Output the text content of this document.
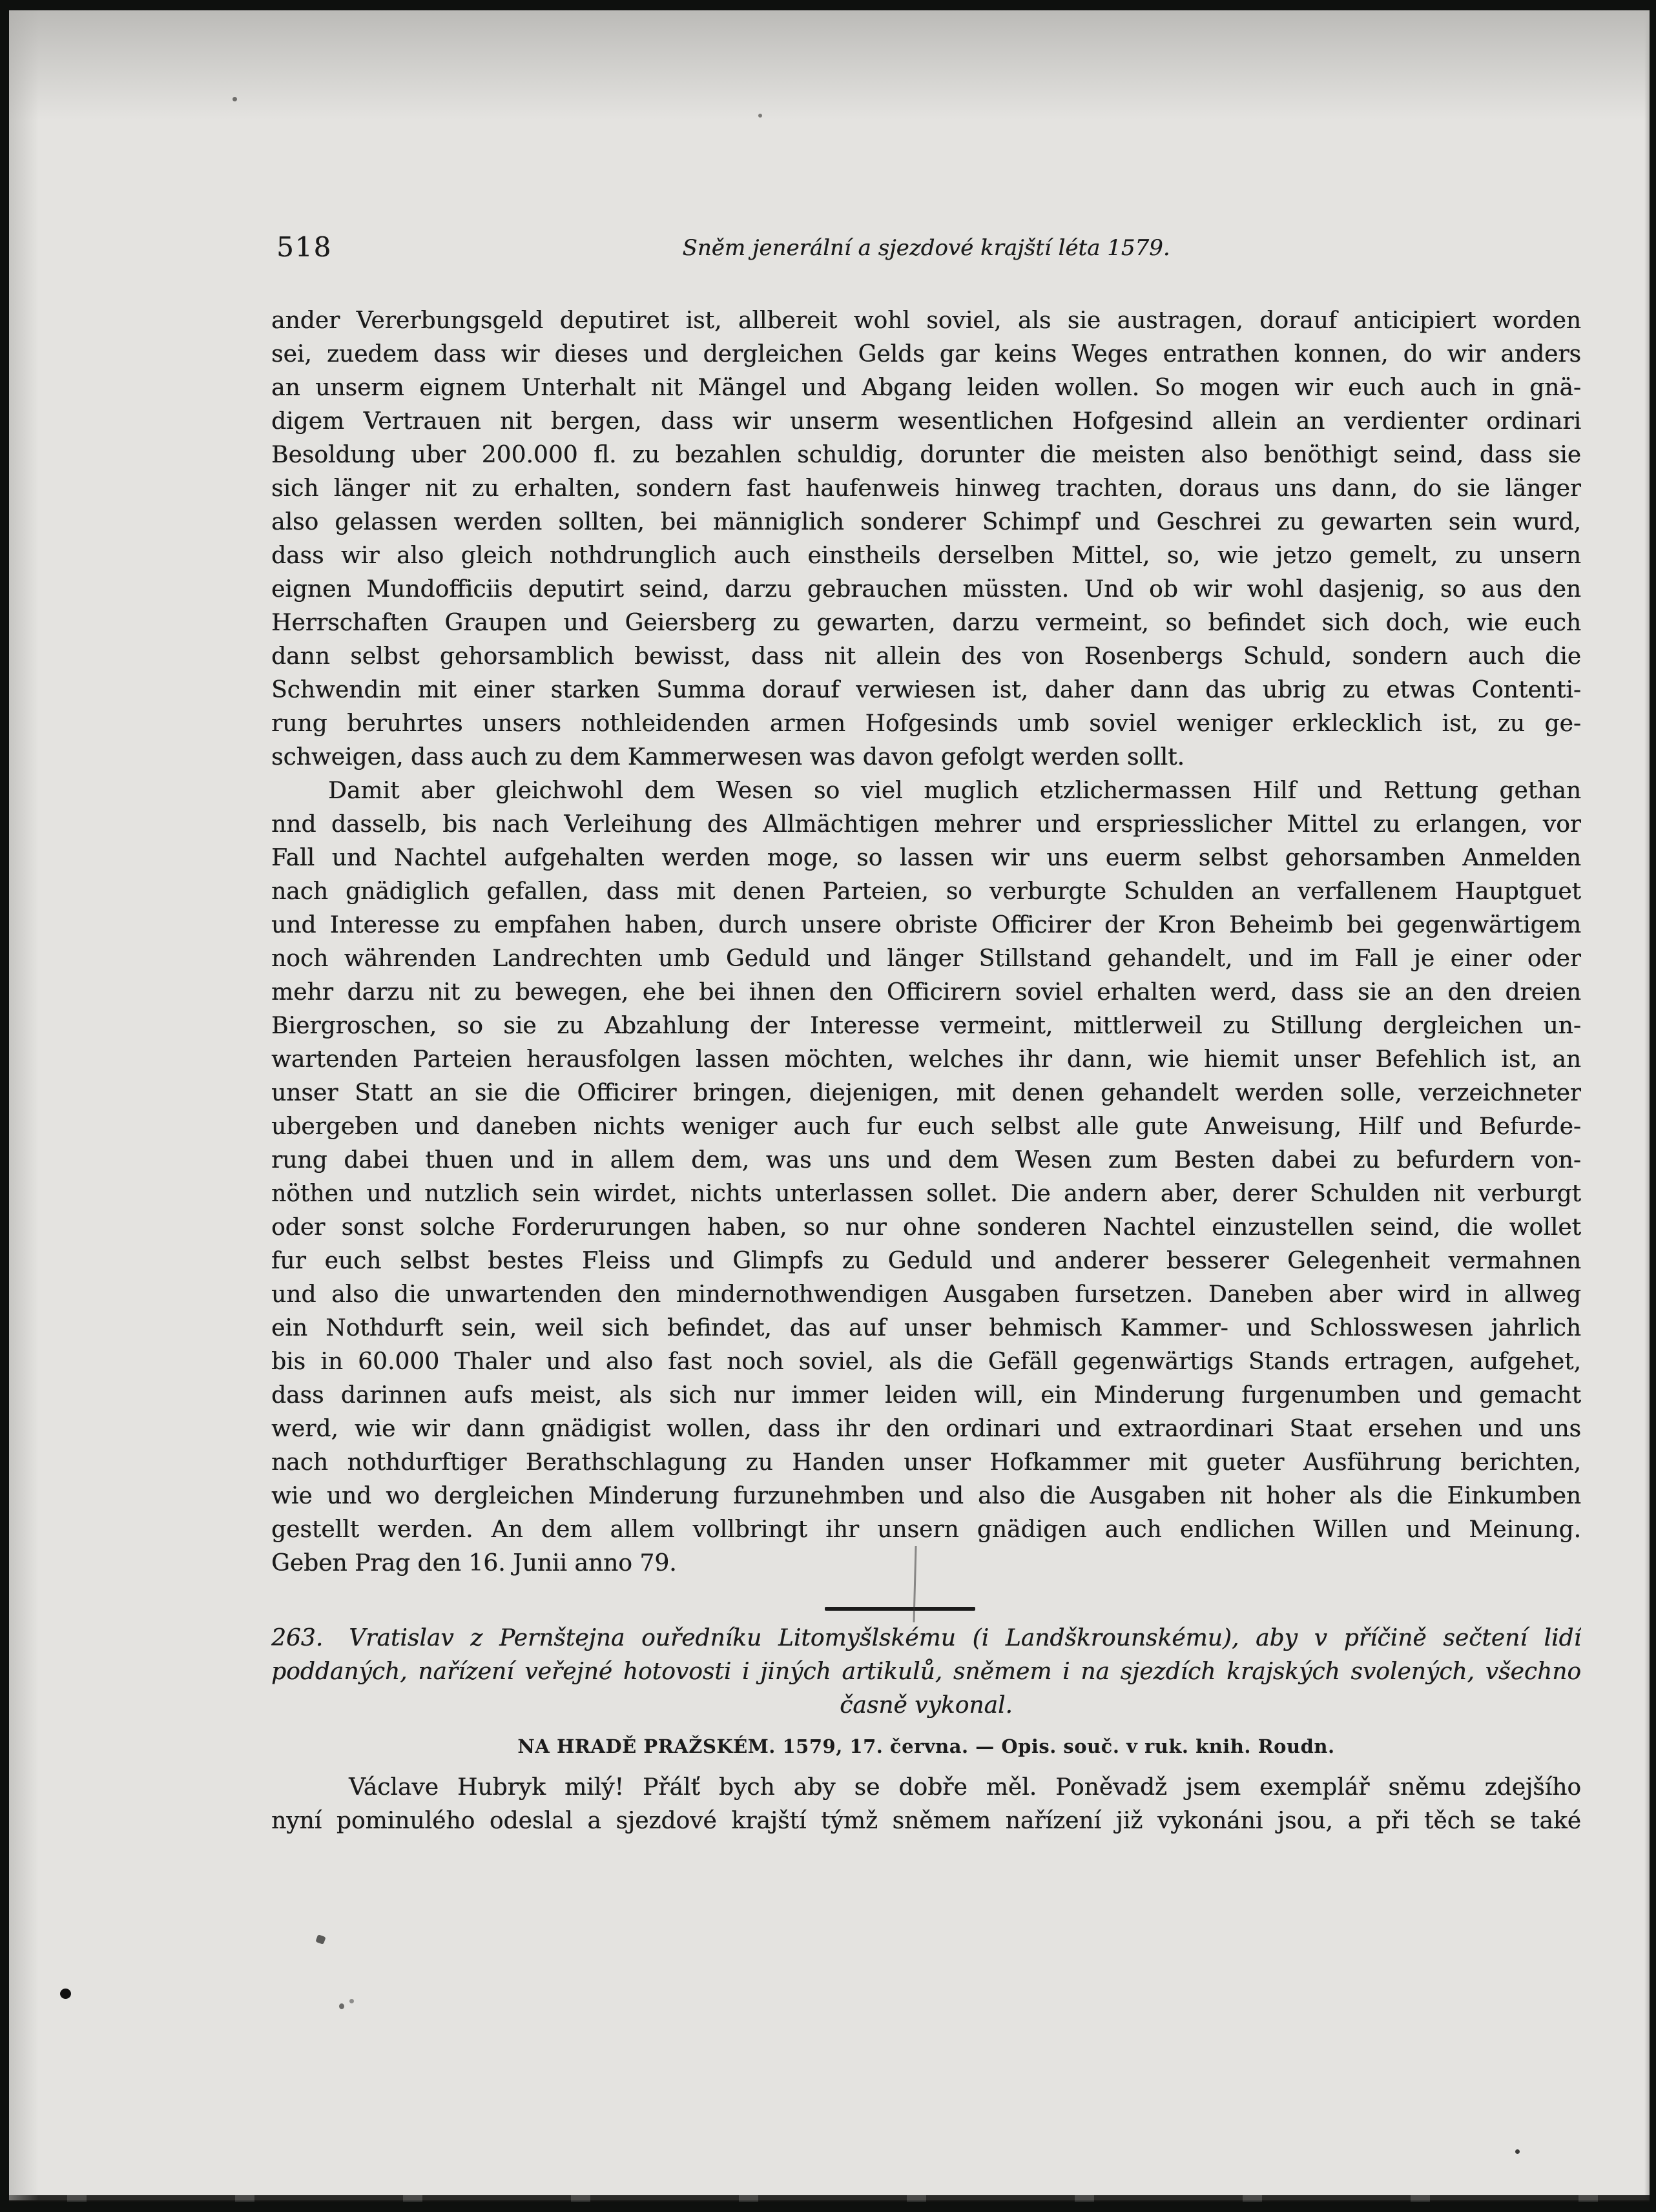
518	Sněm jenerální a sjezdové krajští léta 1579.
ander Vererbungsgeld deputiret ist, allbereit wohl soviel, als sie austragen, dorauf anticipiert worden
sei, zuedem dass wir dieses und dergleichen Gelds gar keins Weges entrathen konnen, do wir anders
an unserm eignem Unterhalt nit Mängel und Abgang leiden wollen. So mogen wir euch auch in gnä-
digem Vertrauen nit bergen, dass wir unserm wesentlichen Hofgesind allein an verdienter ordinari
Besoldung uber 200.000 fl. zu bezahlen schuldig, dorunter die meisten also benöthigt seind, dass sie
sich länger nit zu erhalten, sondern fast haufenweis hinweg trachten, doraus uns dann, do sie länger
also gelassen werden sollten, bei männiglich sonderer Schimpf und Geschrei zu gewarten sein wurd,
dass wir also gleich nothdrunglich auch einstheils derselben Mittel, so, wie jetzo gemelt, zu unsern
eignen Mundofficiis deputirt seind, darzu gebrauchen müssten. Und ob wir wohl dasjenig, so aus den
Herrschaften Graupen und Geiersberg zu gewarten, darzu vermeint, so befindet sich doch, wie euch
dann selbst gehorsamblich bewisst, dass nit allein des von Rosenbergs Schuld, sondern auch die
Schwendin mit einer starken Summa dorauf verwiesen ist, daher dann das ubrig zu etwas Contenti-
rung beruhrtes unsers nothleidenden armen Hofgesinds umb soviel weniger erklecklich ist, zu ge-
schweigen, dass auch zu dem Kammerwesen was davon gefolgt werden sollt.
Damit aber gleichwohl dem Wesen so viel muglich etzlichermassen Hilf und Rettung gethan
nnd dasselb, bis nach Verleihung des Allmächtigen mehrer und erspriesslicher Mittel zu erlangen, vor
Fall und Nachtel aufgehalten werden moge, so lassen wir uns euerm selbst gehorsamben Anmelden
nach gnädiglich gefallen, dass mit denen Parteien, so verburgte Schulden an verfallenem Hauptguet
und Interesse zu empfahen haben, durch unsere obriste Officirer der Kron Beheimb bei gegenwärtigem
noch währenden Landrechten umb Geduld und länger Stillstand gehandelt, und im Fall je einer oder
mehr darzu nit zu bewegen, ehe bei ihnen den Officirern soviel erhalten werd, dass sie an den dreien
Biergroschen, so sie zu Abzahlung der Interesse vermeint, mittlerweil zu Stillung dergleichen un-
wartenden Parteien herausfolgen lassen möchten, welches ihr dann, wie hiemit unser Befehlich ist, an
unser Statt an sie die Officirer bringen, diejenigen, mit denen gehandelt werden solle, verzeichneter
ubergeben und daneben nichts weniger auch fur euch selbst alle gute Anweisung, Hilf und Befurde-
rung dabei thuen und in allem dem, was uns und dem Wesen zum Besten dabei zu befurdern von-
nöthen und nutzlich sein wirdet, nichts unterlassen sollet. Die andern aber, derer Schulden nit verburgt
oder sonst solche Forderurungen haben, so nur ohne sonderen Nachtel einzustellen seind, die wollet
fur euch selbst bestes Fleiss und Glimpfs zu Geduld und anderer besserer Gelegenheit vermahnen
und also die unwartenden den mindernothwendigen Ausgaben fursetzen. Daneben aber wird in allweg
ein Nothdurft sein, weil sich befindet, das auf unser behmisch Kammer- und Schlosswesen jahrlich
bis in 60.000 Thaler und also fast noch soviel, als die Gefäll gegenwärtigs Stands ertragen, aufgehet,
dass darinnen aufs meist, als sich nur immer leiden will, ein Minderung furgenumben und gemacht
werd, wie wir dann gnädigist wollen, dass ihr den ordinari und extraordinari Staat ersehen und uns
nach nothdurftiger Berathschlagung zu Handen unser Hofkammer mit gueter Ausführung berichten,
wie und wo dergleichen Minderung furzunehmben und also die Ausgaben nit hoher als die Einkumben
gestellt werden. An dem allem vollbringt ihr unsern gnädigen auch endlichen Willen und Meinung.
Geben Prag den 16. Junii anno 79.
263. Vratislav z Pernštejna ouředníku Litomyšlskému (i Landškrounskému), aby v příčině sečtení lidí
poddaných, nařízení veřejné hotovosti i jiných artikulů, sněmem i na sjezdích krajských svolených, všechno
časně vykonal.
NA HRADĚ PRAŽSKÉM. 1579, 17. června. — Opis. souč. v ruk. knih. Roudn.
Václave Hubryk milý! Přálť bych aby se dobře měl. Poněvadž jsem exemplář sněmu zdejšího
nyní pominulého odeslal a sjezdové krajští týmž sněmem nařízení již vykonáni jsou, a při těch se také
